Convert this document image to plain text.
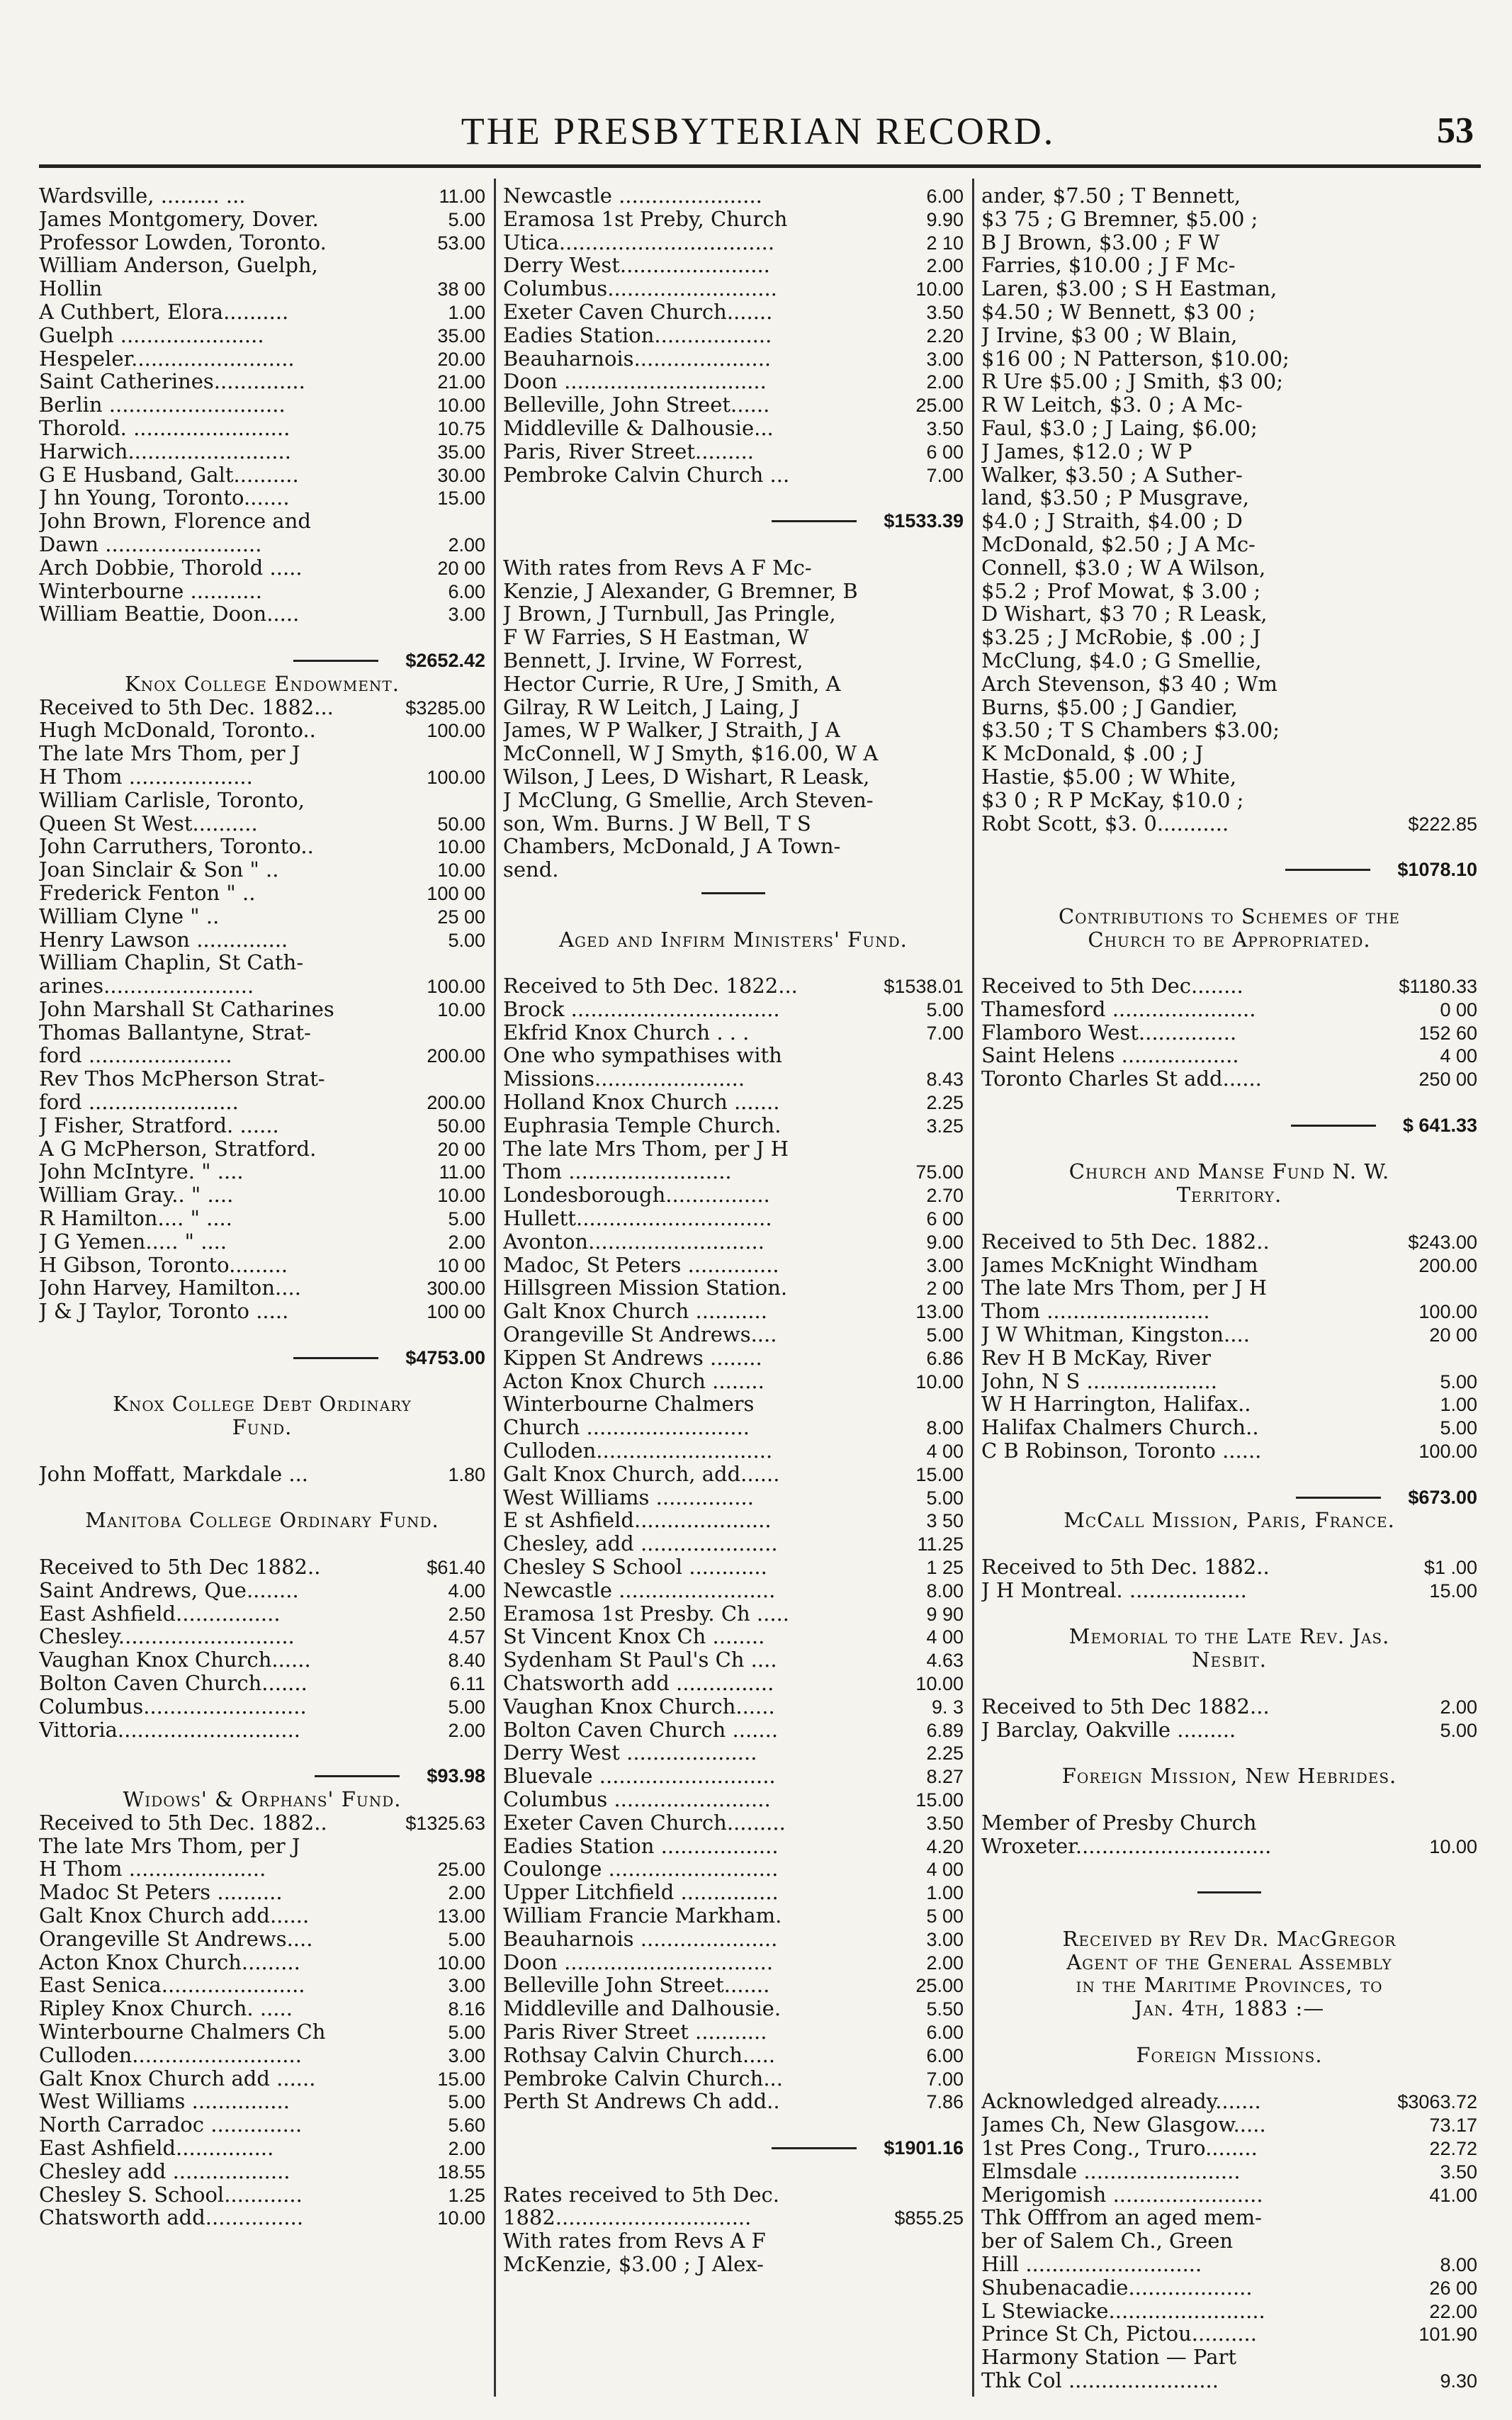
THE PRESBYTERIAN RECORD.	53
Wardsville, ......... ...	11.00
James Montgomery, Dover.	5.00
Professor Lowden, Toronto.	53.00
William Anderson, Guelph,
Hollin	38 00
A Cuthbert, Elora..........	1.00
Guelph ......................	35.00
Hespeler.........................	20.00
Saint Catherines..............	21.00
Berlin ...........................	10.00
Thorold. ........................	10.75
Harwich.........................	35.00
G E Husband, Galt..........	30.00
J hn Young, Toronto.......	15.00
John Brown, Florence and
Dawn ........................	2.00
Arch Dobbie, Thorold .....	20 00
Winterbourne ...........	6.00
William Beattie, Doon.....	3.00
$2652.42
Knox College Endowment.
Received to 5th Dec. 1882...	$3285.00
Hugh McDonald, Toronto..	100.00
The late Mrs Thom, per J
H Thom ...................	100.00
William Carlisle, Toronto,
Queen St West..........	50.00
John Carruthers, Toronto..	10.00
Joan Sinclair & Son " ..	10.00
Frederick Fenton " ..	100 00
William Clyne " ..	25 00
Henry Lawson ..............	5.00
William Chaplin, St Cath-
arines.......................	100.00
John Marshall St Catharines	10.00
Thomas Ballantyne, Strat-
ford ......................	200.00
Rev Thos McPherson Strat-
ford .......................	200.00
J Fisher, Stratford. ......	50.00
A G McPherson, Stratford.	20 00
John McIntyre. " ....	11.00
William Gray.. " ....	10.00
R Hamilton.... " ....	5.00
J G Yemen..... " ....	2.00
H Gibson, Toronto.........	10 00
John Harvey, Hamilton....	300.00
J & J Taylor, Toronto .....	100 00
$4753.00
Knox College Debt Ordinary
Fund.
John Moffatt, Markdale ...	1.80
Manitoba College Ordinary Fund.
Received to 5th Dec 1882..	$61.40
Saint Andrews, Que........	4.00
East Ashfield................	2.50
Chesley...........................	4.57
Vaughan Knox Church......	8.40
Bolton Caven Church.......	6.11
Columbus.........................	5.00
Vittoria............................	2.00
$93.98
Widows' & Orphans' Fund.
Received to 5th Dec. 1882..	$1325.63
The late Mrs Thom, per J
H Thom .....................	25.00
Madoc St Peters ..........	2.00
Galt Knox Church add......	13.00
Orangeville St Andrews....	5.00
Acton Knox Church.........	10.00
East Senica......................	3.00
Ripley Knox Church. .....	8.16
Winterbourne Chalmers Ch	5.00
Culloden..........................	3.00
Galt Knox Church add ......	15.00
West Williams ...............	5.00
North Carradoc ..............	5.60
East Ashfield...............	2.00
Chesley add ..................	18.55
Chesley S. School............	1.25
Chatsworth add...............	10.00
Newcastle ......................	6.00
Eramosa 1st Preby, Church	9.90
Utica.................................	2 10
Derry West.......................	2.00
Columbus..........................	10.00
Exeter Caven Church.......	3.50
Eadies Station..................	2.20
Beauharnois.....................	3.00
Doon ...............................	2.00
Belleville, John Street......	25.00
Middleville & Dalhousie...	3.50
Paris, River Street.........	6 00
Pembroke Calvin Church ...	7.00
$1533.39
With rates from Revs A F Mc-
Kenzie, J Alexander, G Bremner, B
J Brown, J Turnbull, Jas Pringle,
F W Farries, S H Eastman, W
Bennett, J. Irvine, W Forrest,
Hector Currie, R Ure, J Smith, A
Gilray, R W Leitch, J Laing, J
James, W P Walker, J Straith, J A
McConnell, W J Smyth, $16.00, W A
Wilson, J Lees, D Wishart, R Leask,
J McClung, G Smellie, Arch Steven-
son, Wm. Burns. J W Bell, T S
Chambers, McDonald, J A Town-
send.
Aged and Infirm Ministers' Fund.
Received to 5th Dec. 1822...	$1538.01
Brock ................................	5.00
Ekfrid Knox Church . . .	7.00
One who sympathises with
Missions.......................	8.43
Holland Knox Church .......	2.25
Euphrasia Temple Church.	3.25
The late Mrs Thom, per J H
Thom .........................	75.00
Londesborough................	2.70
Hullett..............................	6 00
Avonton...........................	9.00
Madoc, St Peters ..............	3.00
Hillsgreen Mission Station.	2 00
Galt Knox Church ...........	13.00
Orangeville St Andrews....	5.00
Kippen St Andrews ........	6.86
Acton Knox Church ........	10.00
Winterbourne Chalmers
Church .........................	8.00
Culloden...........................	4 00
Galt Knox Church, add......	15.00
West Williams ...............	5.00
E st Ashfield.....................	3 50
Chesley, add .....................	11.25
Chesley S School ............	1 25
Newcastle ........................	8.00
Eramosa 1st Presby. Ch .....	9 90
St Vincent Knox Ch ........	4 00
Sydenham St Paul's Ch ....	4.63
Chatsworth add ...............	10.00
Vaughan Knox Church......	9. 3
Bolton Caven Church .......	6.89
Derry West ....................	2.25
Bluevale ...........................	8.27
Columbus ........................	15.00
Exeter Caven Church.........	3.50
Eadies Station ..................	4.20
Coulonge ..........................	4 00
Upper Litchfield ...............	1.00
William Francie Markham.	5 00
Beauharnois .....................	3.00
Doon ................................	2.00
Belleville John Street.......	25.00
Middleville and Dalhousie.	5.50
Paris River Street ...........	6.00
Rothsay Calvin Church.....	6.00
Pembroke Calvin Church...	7.00
Perth St Andrews Ch add..	7.86
$1901.16
Rates received to 5th Dec.
1882..............................	$855.25
With rates from Revs A F
McKenzie, $3.00 ; J Alex-
ander, $7.50 ; T Bennett,
$3 75 ; G Bremner, $5.00 ;
B J Brown, $3.00 ; F W
Farries, $10.00 ; J F Mc-
Laren, $3.00 ; S H Eastman,
$4.50 ; W Bennett, $3 00 ;
J Irvine, $3 00 ; W Blain,
$16 00 ; N Patterson, $10.00;
R Ure $5.00 ; J Smith, $3 00;
R W Leitch, $3. 0 ; A Mc-
Faul, $3.0 ; J Laing, $6.00;
J James, $12.0 ; W P
Walker, $3.50 ; A Suther-
land, $3.50 ; P Musgrave,
$4.0 ; J Straith, $4.00 ; D
McDonald, $2.50 ; J A Mc-
Connell, $3.0 ; W A Wilson,
$5.2 ; Prof Mowat, $ 3.00 ;
D Wishart, $3 70 ; R Leask,
$3.25 ; J McRobie, $ .00 ; J
McClung, $4.0 ; G Smellie,
Arch Stevenson, $3 40 ; Wm
Burns, $5.00 ; J Gandier,
$3.50 ; T S Chambers $3.00;
K McDonald, $ .00 ; J
Hastie, $5.00 ; W White,
$3 0 ; R P McKay, $10.0 ;
Robt Scott, $3. 0...........	$222.85
$1078.10
Contributions to Schemes of the
Church to be Appropriated.
Received to 5th Dec........	$1180.33
Thamesford ......................	0 00
Flamboro West...............	152 60
Saint Helens ..................	4 00
Toronto Charles St add......	250 00
$ 641.33
Church and Manse Fund N. W.
Territory.
Received to 5th Dec. 1882..	$243.00
James McKnight Windham	200.00
The late Mrs Thom, per J H
Thom .........................	100.00
J W Whitman, Kingston....	20 00
Rev H B McKay, River
John, N S ....................	5.00
W H Harrington, Halifax..	1.00
Halifax Chalmers Church..	5.00
C B Robinson, Toronto ......	100.00
$673.00
McCall Mission, Paris, France.
Received to 5th Dec. 1882..	$1 .00
J H Montreal. ..................	15.00
Memorial to the Late Rev. Jas.
Nesbit.
Received to 5th Dec 1882...	2.00
J Barclay, Oakville .........	5.00
Foreign Mission, New Hebrides.
Member of Presby Church
Wroxeter..............................	10.00
Received by Rev Dr. MacGregor
Agent of the General Assembly
in the Maritime Provinces, to
Jan. 4th, 1883 :—
Foreign Missions.
Acknowledged already.......	$3063.72
James Ch, New Glasgow.....	73.17
1st Pres Cong., Truro........	22.72
Elmsdale ........................	3.50
Merigomish .......................	41.00
Thk Offfrom an aged mem-
ber of Salem Ch., Green
Hill ...........................	8.00
Shubenacadie...................	26 00
L Stewiacke........................	22.00
Prince St Ch, Pictou..........	101.90
Harmony Station — Part
Thk Col .......................	9.30
